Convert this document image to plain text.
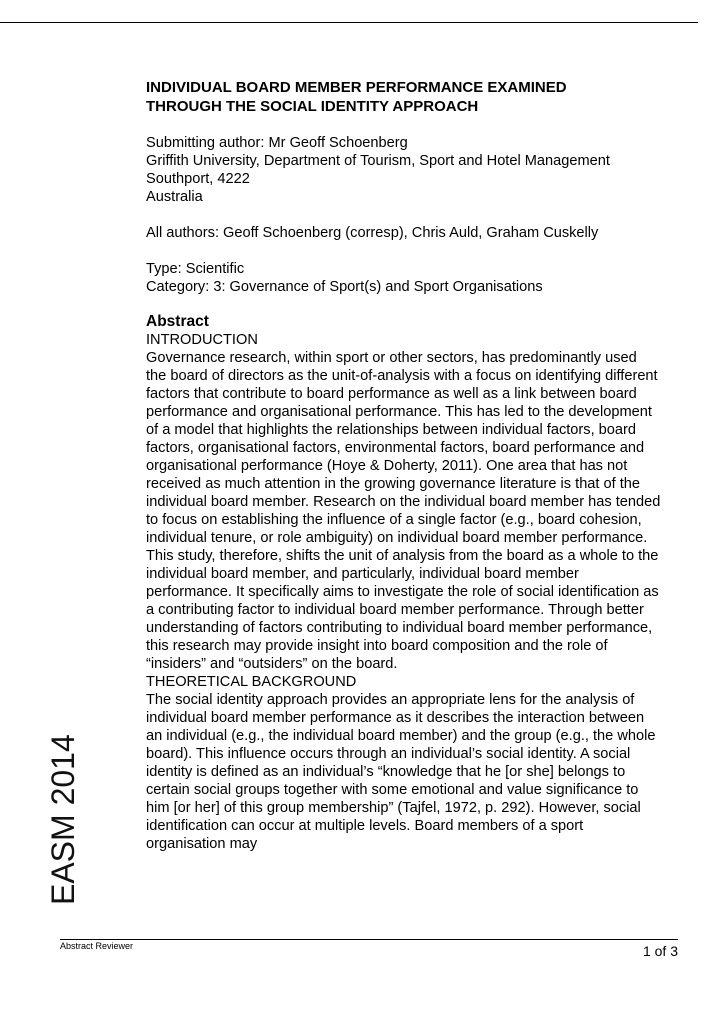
INDIVIDUAL BOARD MEMBER PERFORMANCE EXAMINED
THROUGH THE SOCIAL IDENTITY APPROACH
Submitting author: Mr Geoff Schoenberg
Griffith University, Department of Tourism, Sport and Hotel Management
Southport, 4222
Australia
All authors: Geoff Schoenberg (corresp), Chris Auld, Graham Cuskelly
Type: Scientific
Category: 3: Governance of Sport(s) and Sport Organisations
Abstract
INTRODUCTION
Governance research, within sport or other sectors, has predominantly used the board of directors as the unit-of-analysis with a focus on identifying different factors that contribute to board performance as well as a link between board performance and organisational performance. This has led to the development of a model that highlights the relationships between individual factors, board factors, organisational factors, environmental factors, board performance and organisational performance (Hoye & Doherty, 2011). One area that has not received as much attention in the growing governance literature is that of the individual board member. Research on the individual board member has tended to focus on establishing the influence of a single factor (e.g., board cohesion, individual tenure, or role ambiguity) on individual board member performance. This study, therefore, shifts the unit of analysis from the board as a whole to the individual board member, and particularly, individual board member performance. It specifically aims to investigate the role of social identification as a contributing factor to individual board member performance. Through better understanding of factors contributing to individual board member performance, this research may provide insight into board composition and the role of “insiders” and “outsiders” on the board.
THEORETICAL BACKGROUND
The social identity approach provides an appropriate lens for the analysis of individual board member performance as it describes the interaction between an individual (e.g., the individual board member) and the group (e.g., the whole board). This influence occurs through an individual’s social identity. A social identity is defined as an individual’s “knowledge that he [or she] belongs to certain social groups together with some emotional and value significance to him [or her] of this group membership” (Tajfel, 1972, p. 292). However, social identification can occur at multiple levels. Board members of a sport organisation may
EASM 2014
Abstract Reviewer	1 of 3
